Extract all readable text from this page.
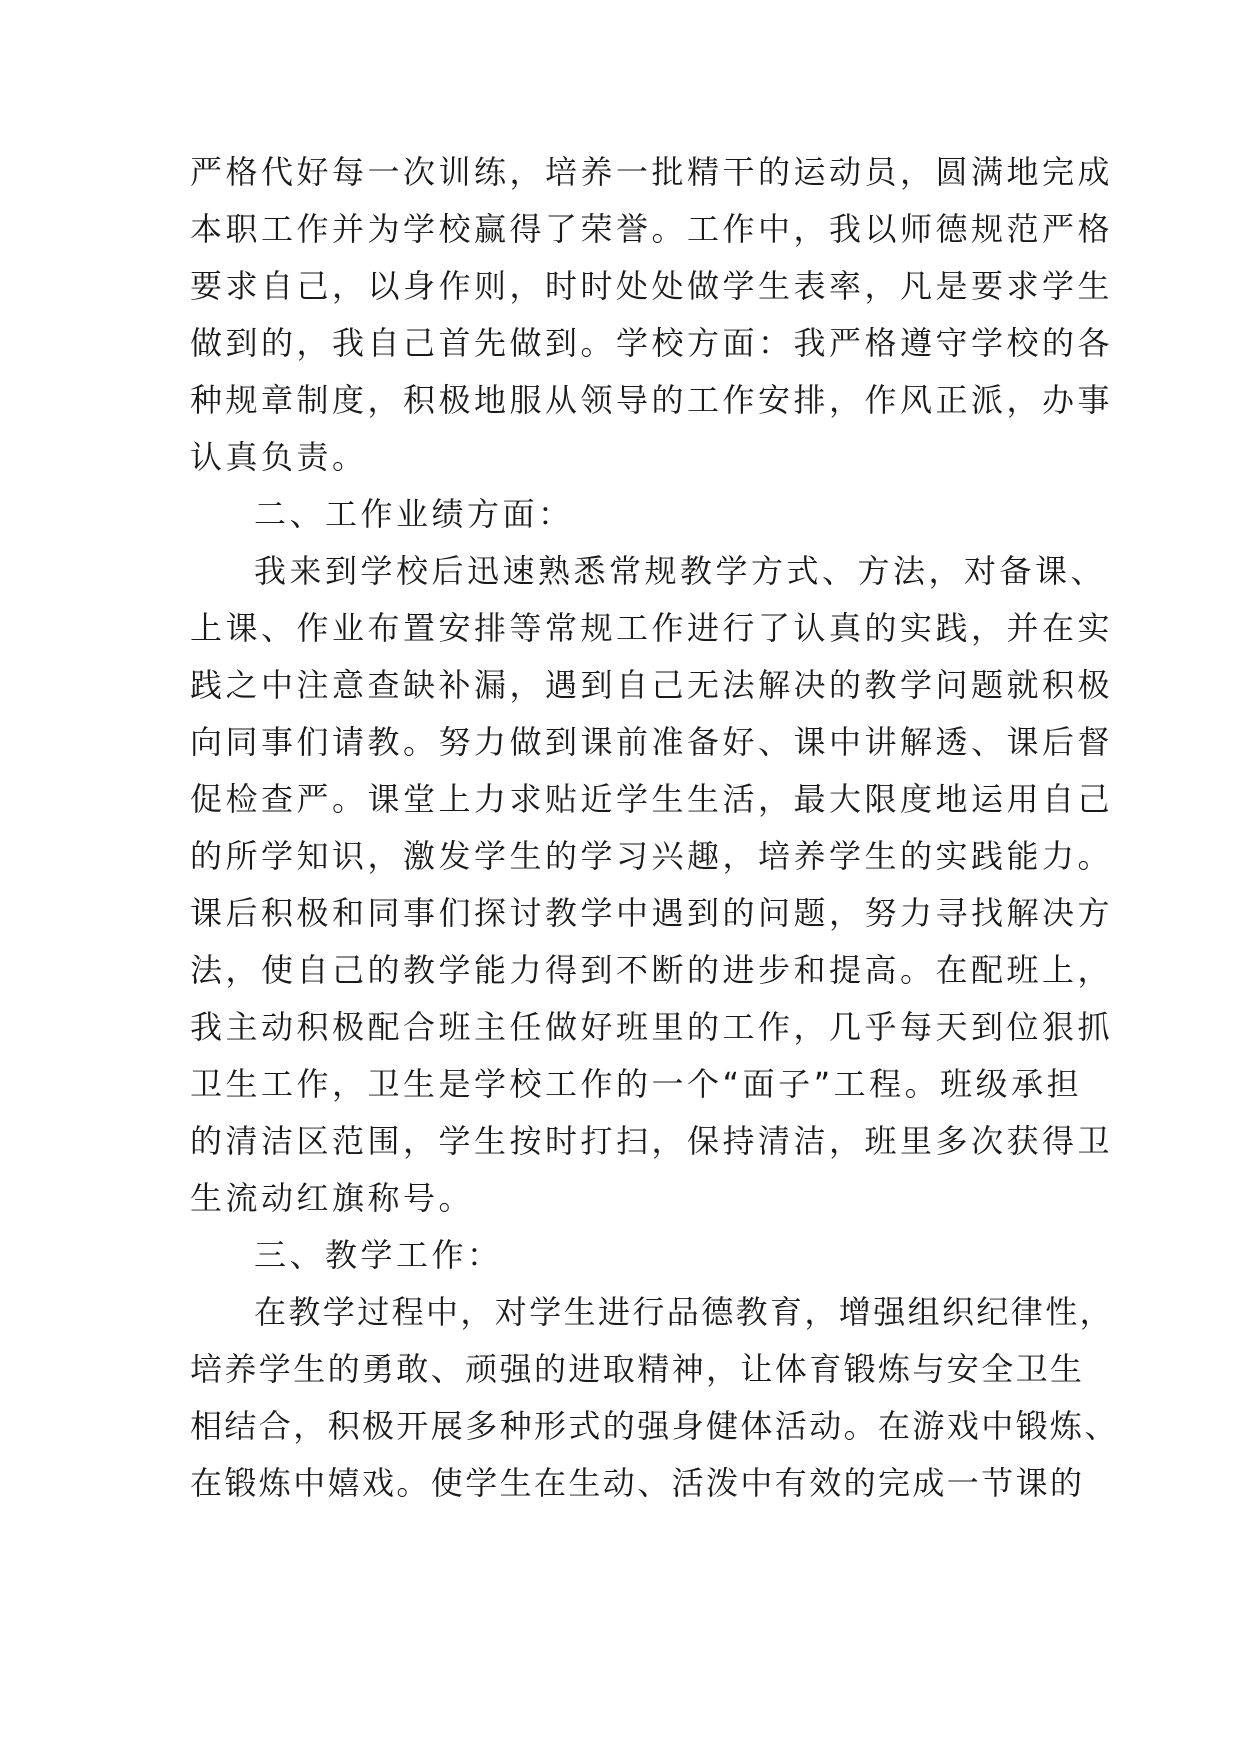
严格代好每一次训练，培养一批精干的运动员，圆满地完成
本职工作并为学校赢得了荣誉。工作中，我以师德规范严格
要求自己，以身作则，时时处处做学生表率，凡是要求学生
做到的，我自己首先做到。学校方面：我严格遵守学校的各
种规章制度，积极地服从领导的工作安排，作风正派，办事
认真负责。
二、工作业绩方面：
我来到学校后迅速熟悉常规教学方式、方法，对备课、
上课、作业布置安排等常规工作进行了认真的实践，并在实
践之中注意查缺补漏，遇到自己无法解决的教学问题就积极
向同事们请教。努力做到课前准备好、课中讲解透、课后督
促检查严。课堂上力求贴近学生生活，最大限度地运用自己
的所学知识，激发学生的学习兴趣，培养学生的实践能力。
课后积极和同事们探讨教学中遇到的问题，努力寻找解决方
法，使自己的教学能力得到不断的进步和提高。在配班上，
我主动积极配合班主任做好班里的工作，几乎每天到位狠抓
卫生工作，卫生是学校工作的一个“面子”工程。班级承担
的清洁区范围，学生按时打扫，保持清洁，班里多次获得卫
生流动红旗称号。
三、教学工作：
在教学过程中，对学生进行品德教育，增强组织纪律性，
培养学生的勇敢、顽强的进取精神，让体育锻炼与安全卫生
相结合，积极开展多种形式的强身健体活动。在游戏中锻炼、
在锻炼中嬉戏。使学生在生动、活泼中有效的完成一节课的
